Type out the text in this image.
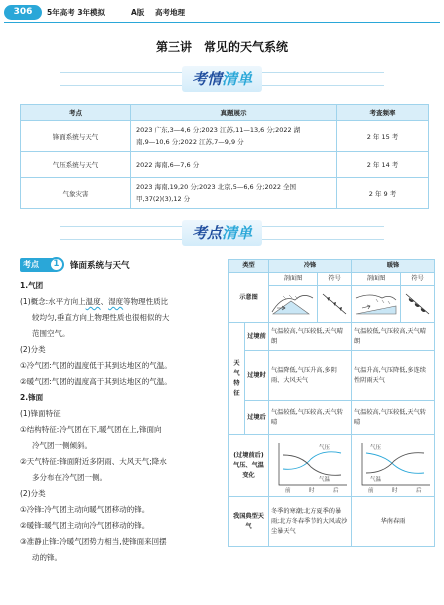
306	5年高考 3年模拟	A版 高考地理
第三讲　常见的天气系统
考情清单
考点	真题展示	考查频率
锋面系统与天气	2023 广东,3—4,6 分;2023 江苏,11—13,6 分;2022 湖
南,9—10,6 分;2022 江苏,7—9,9 分	2 年 15 考
气压系统与天气	2022 海南,6—7,6 分	2 年 14 考
气象灾害	2023 海南,19,20 分;2023 北京,5—6,6 分;2022 全国
甲,37(2)(3),12 分	2 年 9 考
考点清单
考点	1	锋面系统与天气
1.气团
(1)概念:水平方向上温度、湿度等物理性质比
较均匀,垂直方向上物理性质也很相似的大
范围空气。
(2)分类
①冷气团:气团的温度低于其到达地区的气温。
②暖气团:气团的温度高于其到达地区的气温。
2.锋面
(1)锋面特征
①结构特征:冷气团在下,暖气团在上,锋面向
冷气团一侧倾斜。
②天气特征:锋面附近多阴雨、大风天气;降水
多分布在冷气团一侧。
(2)分类
①冷锋:冷气团主动向暖气团移动的锋。
②暖锋:暖气团主动向冷气团移动的锋。
③准静止锋:冷暖气团势力相当,使锋面来回摆
动的锋。
类型		冷锋		暖锋	
示意图		剖面图	符号	剖面图	符号

天气特征	过境前	气温较高,气压较低,天气晴朗		气温较低,气压较高,天气晴朗	
	过境时	气温降低,气压升高,多阴雨、大风天气		气温升高,气压降低,多连续性阴雨天气	
	过境后	气温较低,气压较高,天气转晴		气温较高,气压较低,天气转晴	
(过境前后)气压、气温变化		气压
气温
前 时 后		气压
气温
前 时 后	

我国典型天气		冬季的寒潮;北方夏季的暴雨;北方冬春季节的大风或沙尘暴天气		华南春雨	
